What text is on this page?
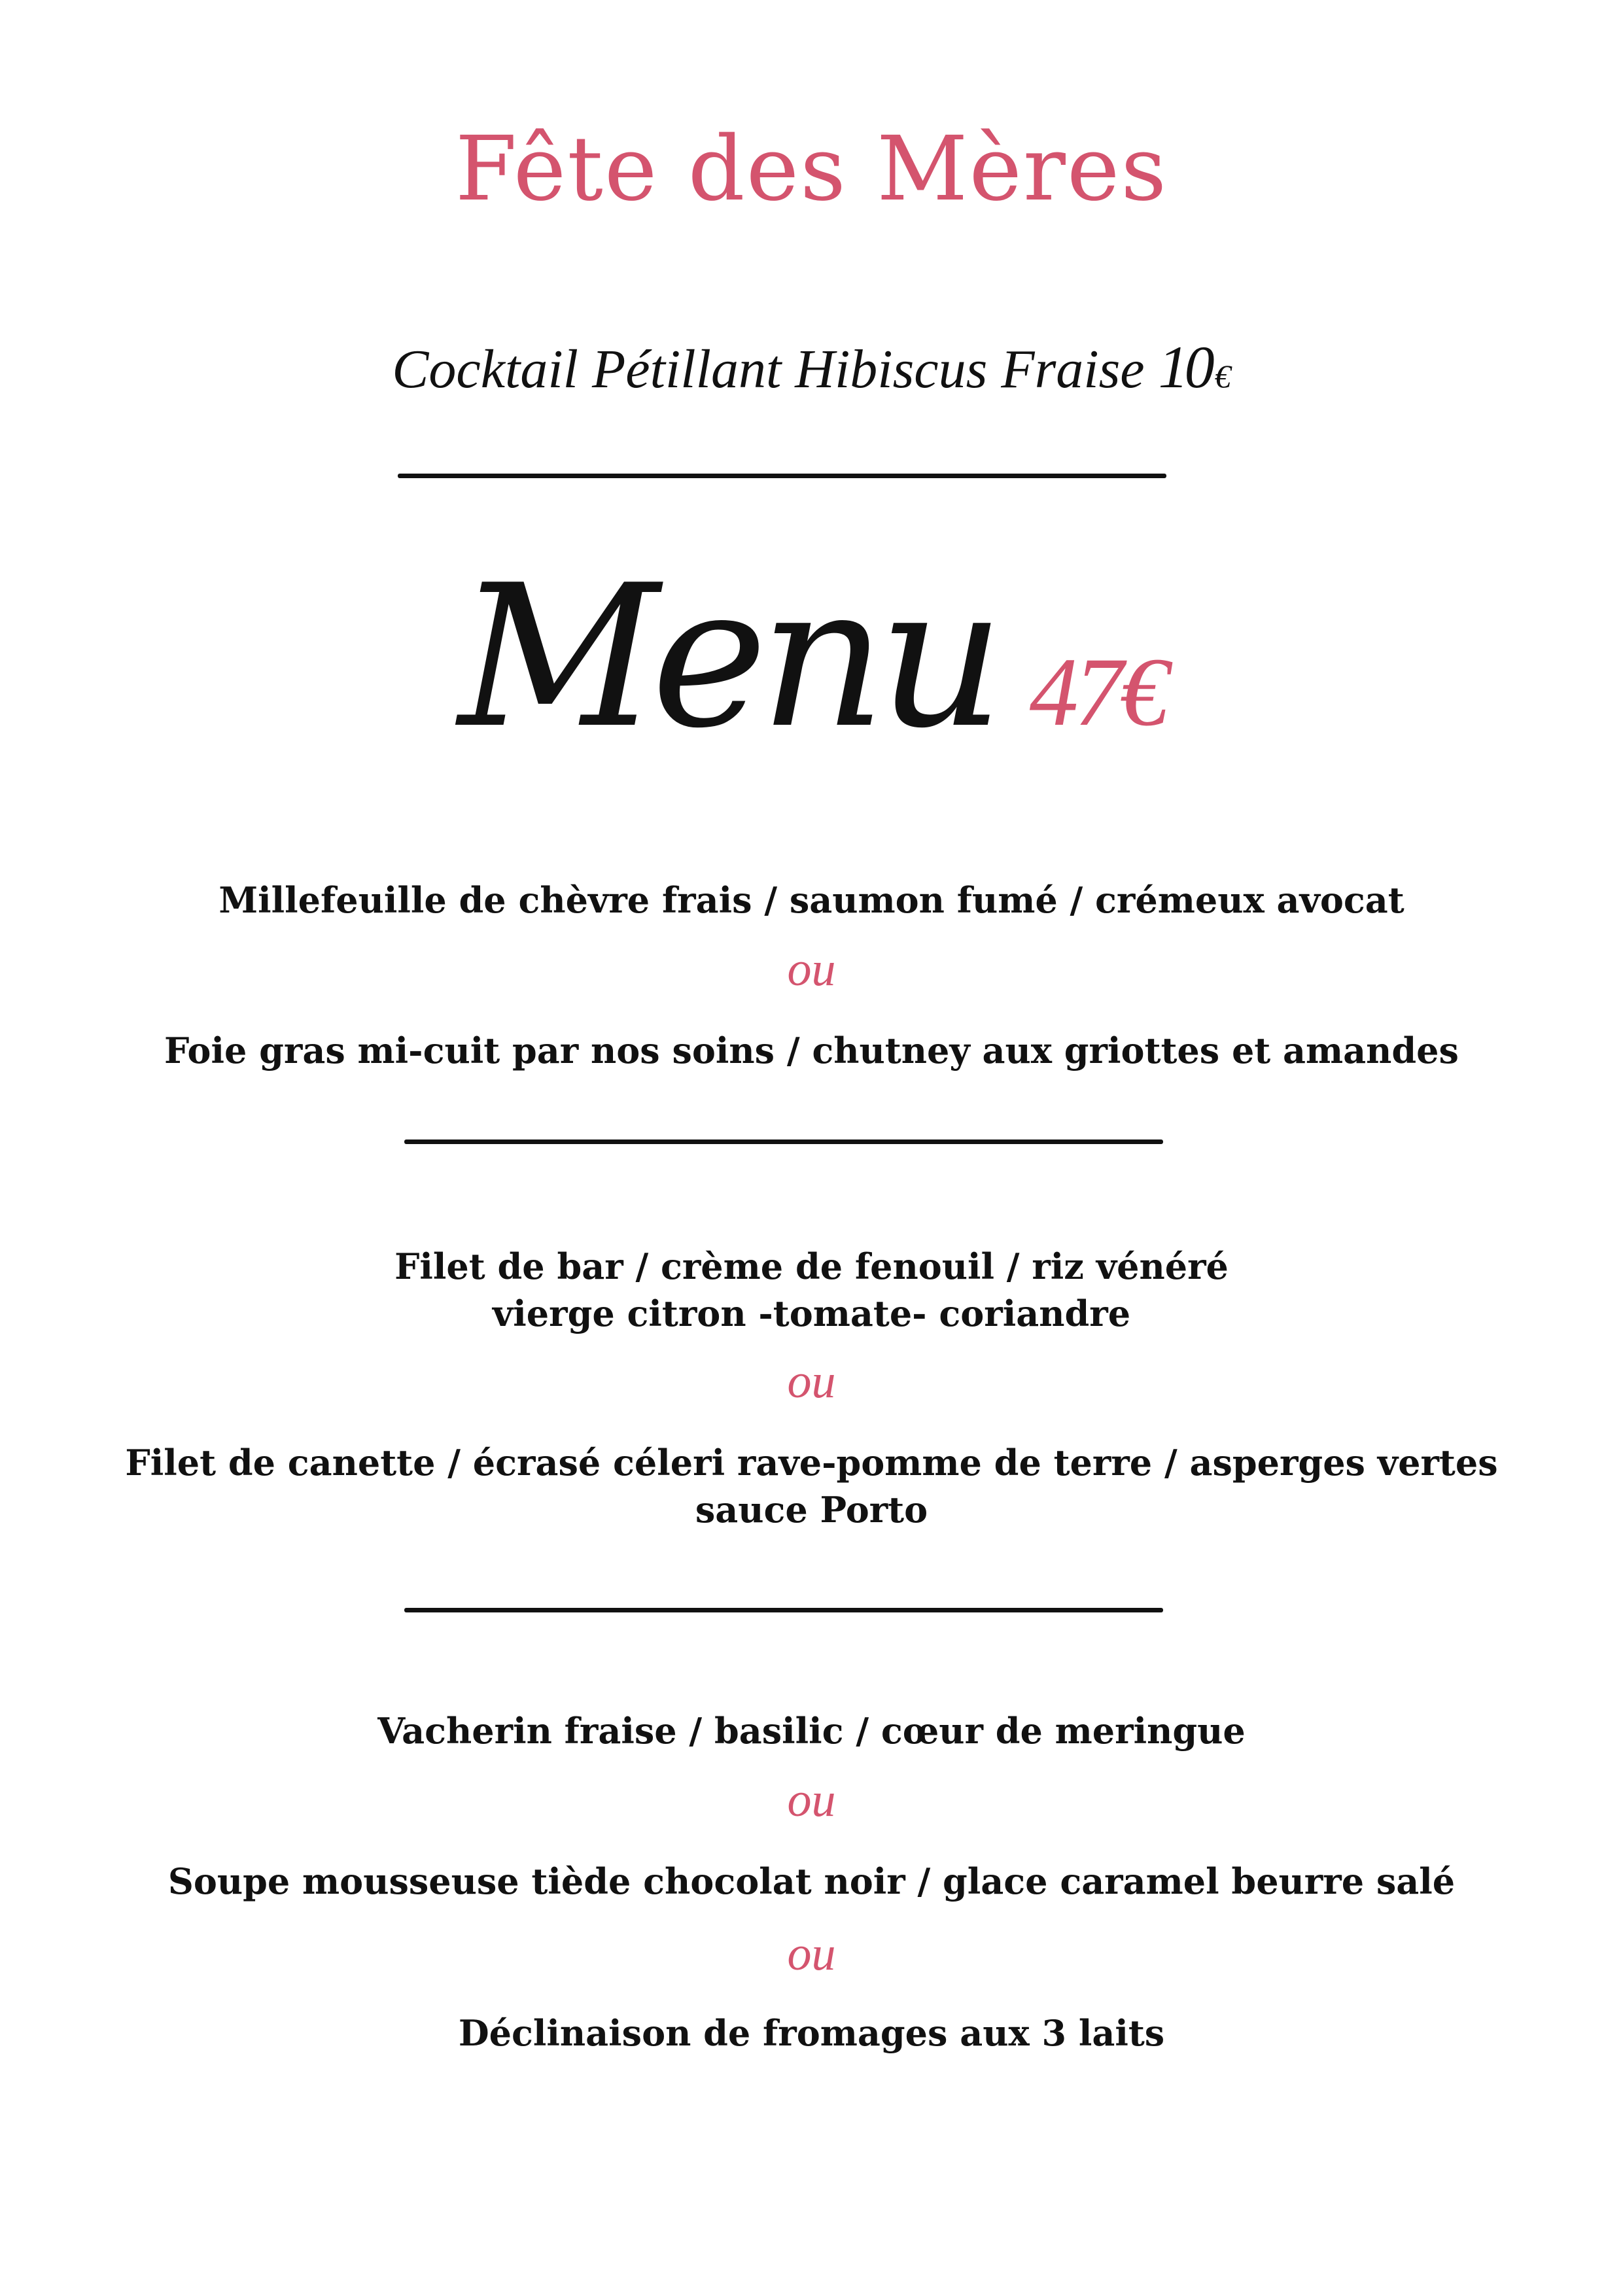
Fête des Mères
Cocktail Pétillant Hibiscus Fraise 10 €
Menu 47€
Millefeuille de chèvre frais / saumon fumé / crémeux avocat
ou
Foie gras mi-cuit par nos soins / chutney aux griottes et amandes
Filet de bar / crème de fenouil / riz vénéré
vierge citron -tomate- coriandre
ou
Filet de canette / écrasé céleri rave-pomme de terre / asperges vertes
sauce Porto
Vacherin fraise / basilic / cœur de meringue
ou
Soupe mousseuse tiède chocolat noir / glace caramel beurre salé
ou
Déclinaison de fromages aux 3 laits
